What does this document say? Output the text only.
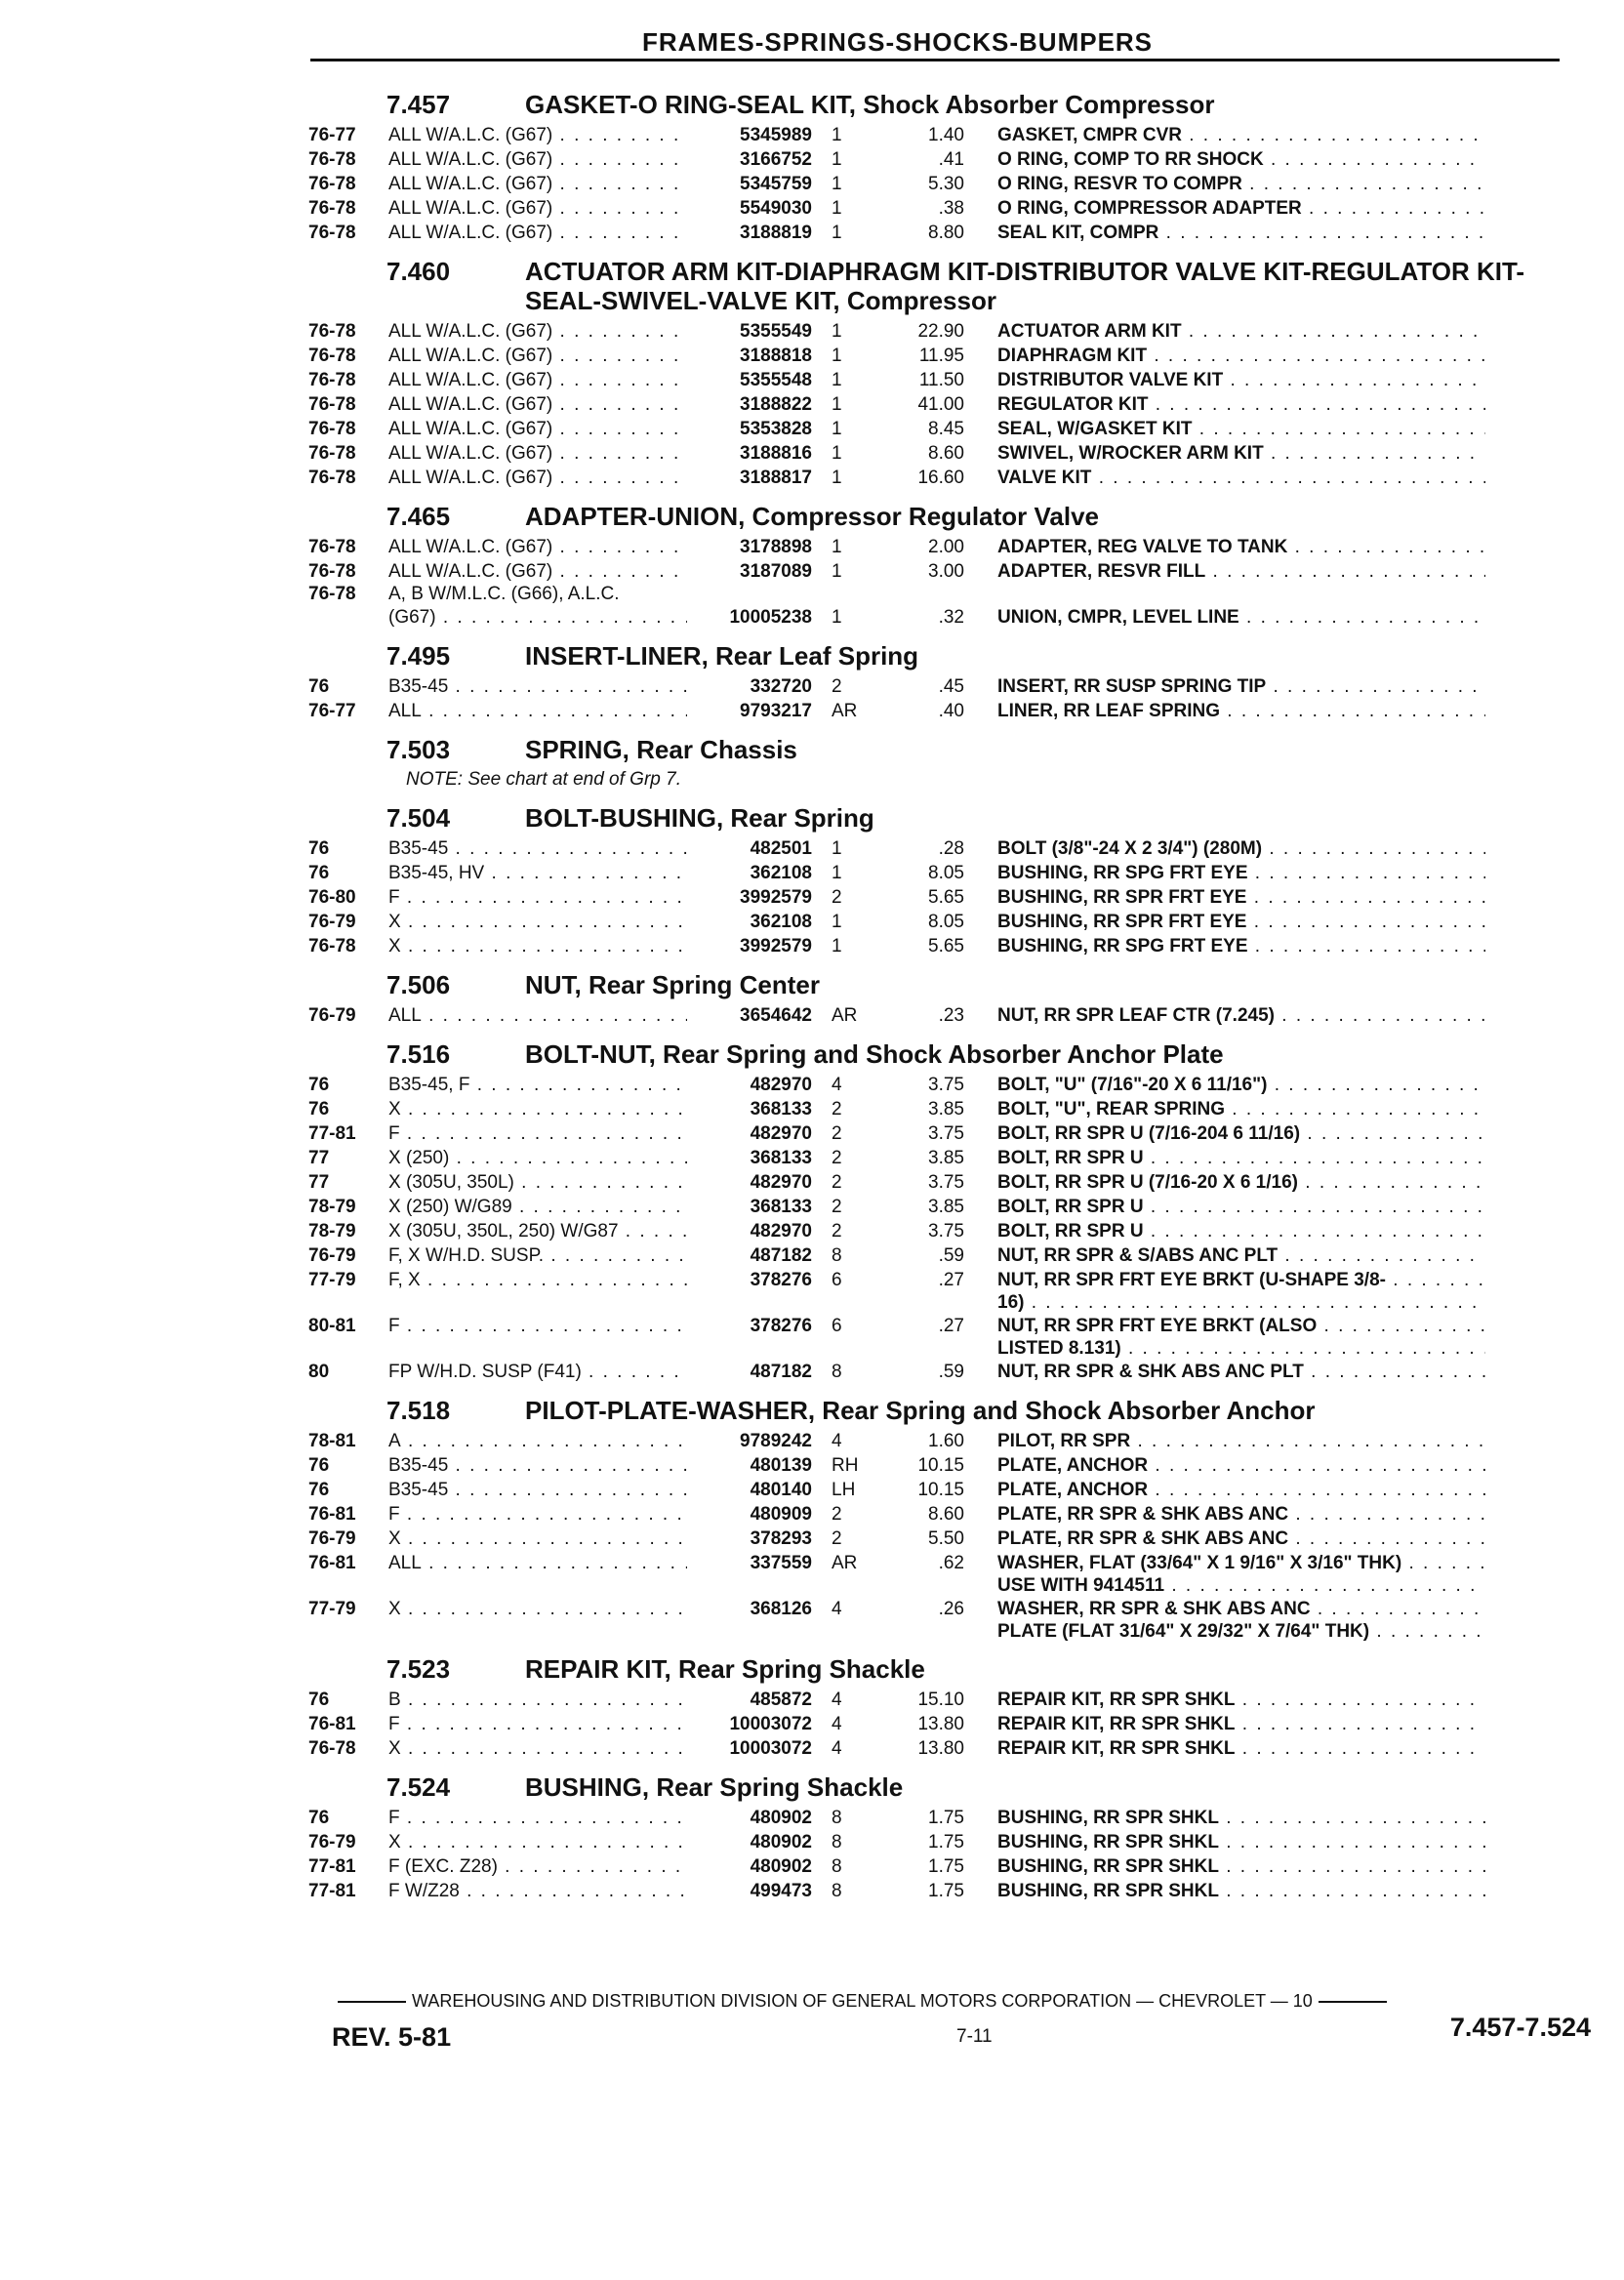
FRAMES-SPRINGS-SHOCKS-BUMPERS
7.457	GASKET-O RING-SEAL KIT, Shock Absorber Compressor
76-77	ALL W/A.L.C. (G67) . . .	5345989	1	1.40	GASKET, CMPR CVR . . .
76-78	ALL W/A.L.C. (G67) . . .	3166752	1	.41	O RING, COMP TO RR SHOCK . . .
76-78	ALL W/A.L.C. (G67) . . .	5345759	1	5.30	O RING, RESVR TO COMPR . . .
76-78	ALL W/A.L.C. (G67) . . .	5549030	1	.38	O RING, COMPRESSOR ADAPTER . . .
76-78	ALL W/A.L.C. (G67) . . .	3188819	1	8.80	SEAL KIT, COMPR . . .
7.460	ACTUATOR ARM KIT-DIAPHRAGM KIT-DISTRIBUTOR VALVE KIT-REGULATOR KIT-SEAL-SWIVEL-VALVE KIT, Compressor
76-78	ALL W/A.L.C. (G67) . . .	5355549	1	22.90	ACTUATOR ARM KIT . . .
76-78	ALL W/A.L.C. (G67) . . .	3188818	1	11.95	DIAPHRAGM KIT . . .
76-78	ALL W/A.L.C. (G67) . . .	5355548	1	11.50	DISTRIBUTOR VALVE KIT . . .
76-78	ALL W/A.L.C. (G67) . . .	3188822	1	41.00	REGULATOR KIT . . .
76-78	ALL W/A.L.C. (G67) . . .	5353828	1	8.45	SEAL, W/GASKET KIT . . .
76-78	ALL W/A.L.C. (G67) . . .	3188816	1	8.60	SWIVEL, W/ROCKER ARM KIT . . .
76-78	ALL W/A.L.C. (G67) . . .	3188817	1	16.60	VALVE KIT . . .
7.465	ADAPTER-UNION, Compressor Regulator Valve
76-78	ALL W/A.L.C. (G67) . . .	3178898	1	2.00	ADAPTER, REG VALVE TO TANK . . .
76-78	ALL W/A.L.C. (G67) . . .	3187089	1	3.00	ADAPTER, RESVR FILL . . .
76-78	A, B W/M.L.C. (G66), A.L.C.
(G67) . . .	10005238	1	.32	UNION, CMPR, LEVEL LINE . . .
7.495	INSERT-LINER, Rear Leaf Spring
76	B35-45 . . .	332720	2	.45	INSERT, RR SUSP SPRING TIP . . .
76-77	ALL . . .	9793217	AR	.40	LINER, RR LEAF SPRING . . .
7.503	SPRING, Rear Chassis
NOTE: See chart at end of Grp 7.
7.504	BOLT-BUSHING, Rear Spring
76	B35-45 . . .	482501	1	.28	BOLT (3/8"-24 X 2 3/4") (280M) . . .
76	B35-45, HV . . .	362108	1	8.05	BUSHING, RR SPG FRT EYE . . .
76-80	F . . .	3992579	2	5.65	BUSHING, RR SPR FRT EYE . . .
76-79	X . . .	362108	1	8.05	BUSHING, RR SPR FRT EYE . . .
76-78	X . . .	3992579	1	5.65	BUSHING, RR SPG FRT EYE . . .
7.506	NUT, Rear Spring Center
76-79	ALL . . .	3654642	AR	.23	NUT, RR SPR LEAF CTR (7.245) . . .
7.516	BOLT-NUT, Rear Spring and Shock Absorber Anchor Plate
76	B35-45, F . . .	482970	4	3.75	BOLT, "U" (7/16"-20 X 6 11/16") . . .
76	X . . .	368133	2	3.85	BOLT, "U", REAR SPRING . . .
77-81	F . . .	482970	2	3.75	BOLT, RR SPR U (7/16-204 6 11/16) . . .
77	X (250) . . .	368133	2	3.85	BOLT, RR SPR U . . .
77	X (305U, 350L) . . .	482970	2	3.75	BOLT, RR SPR U (7/16-20 X 6 1/16) . . .
78-79	X (250) W/G89 . . .	368133	2	3.85	BOLT, RR SPR U . . .
78-79	X (305U, 350L, 250) W/G87 . . .	482970	2	3.75	BOLT, RR SPR U . . .
76-79	F, X W/H.D. SUSP. . . .	487182	8	.59	NUT, RR SPR & S/ABS ANC PLT . . .
77-79	F, X . . .	378276	6	.27	NUT, RR SPR FRT EYE BRKT (U-SHAPE 3/8- . . .
16) . . .
80-81	F . . .	378276	6	.27	NUT, RR SPR FRT EYE BRKT (ALSO . . .
LISTED 8.131) . . .
80	FP W/H.D. SUSP (F41) . . .	487182	8	.59	NUT, RR SPR & SHK ABS ANC PLT . . .
7.518	PILOT-PLATE-WASHER, Rear Spring and Shock Absorber Anchor
78-81	A . . .	9789242	4	1.60	PILOT, RR SPR . . .
76	B35-45 . . .	480139	RH	10.15	PLATE, ANCHOR . . .
76	B35-45 . . .	480140	LH	10.15	PLATE, ANCHOR . . .
76-81	F . . .	480909	2	8.60	PLATE, RR SPR & SHK ABS ANC . . .
76-79	X . . .	378293	2	5.50	PLATE, RR SPR & SHK ABS ANC . . .
76-81	ALL . . .	337559	AR	.62	WASHER, FLAT (33/64" X 1 9/16" X 3/16" THK) . . .
USE WITH 9414511 . . .
77-79	X . . .	368126	4	.26	WASHER, RR SPR & SHK ABS ANC . . .
PLATE (FLAT 31/64" X 29/32" X 7/64" THK) . . .
7.523	REPAIR KIT, Rear Spring Shackle
76	B . . .	485872	4	15.10	REPAIR KIT, RR SPR SHKL . . .
76-81	F . . .	10003072	4	13.80	REPAIR KIT, RR SPR SHKL . . .
76-78	X . . .	10003072	4	13.80	REPAIR KIT, RR SPR SHKL . . .
7.524	BUSHING, Rear Spring Shackle
76	F . . .	480902	8	1.75	BUSHING, RR SPR SHKL . . .
76-79	X . . .	480902	8	1.75	BUSHING, RR SPR SHKL . . .
77-81	F (EXC. Z28) . . .	480902	8	1.75	BUSHING, RR SPR SHKL . . .
77-81	F W/Z28 . . .	499473	8	1.75	BUSHING, RR SPR SHKL . . .
WAREHOUSING AND DISTRIBUTION DIVISION OF GENERAL MOTORS CORPORATION — CHEVROLET — 10
REV. 5-81	7-11	7.457-7.524
